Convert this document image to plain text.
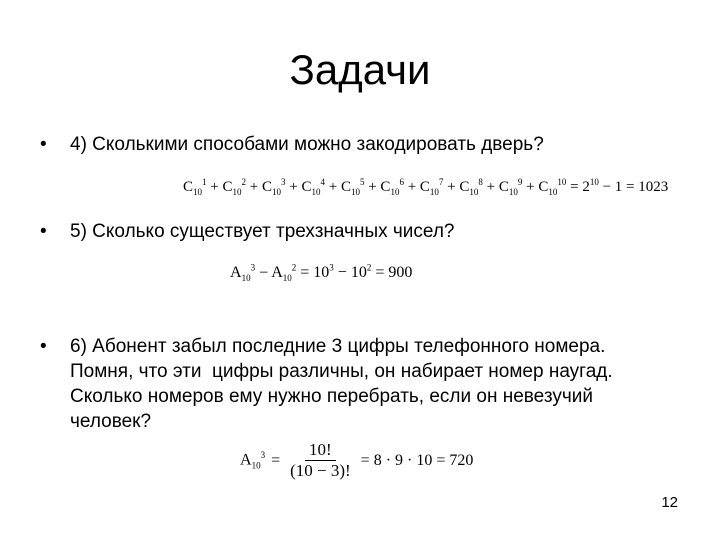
Задачи
• 4) Сколькими способами можно закодировать дверь?
$C_{10}^1 + C_{10}^2 + C_{10}^3 + C_{10}^4 + C_{10}^5 + C_{10}^6 + C_{10}^7 + C_{10}^8 + C_{10}^9 + C_{10}^{10} = 2^{10} - 1 = 1023$
• 5) Сколько существует трехзначных чисел?
$A_{10}^3 - A_{10}^2 = 10^3 - 10^2 = 900$
• 6) Абонент забыл последние 3 цифры телефонного номера. Помня, что эти  цифры различны, он набирает номер наугад. Сколько номеров ему нужно перебрать, если он невезучий человек?
$A_{10}^3 = \frac{10!}{(10 - 3)!} = 8 \cdot 9 \cdot 10 = 720$
12
